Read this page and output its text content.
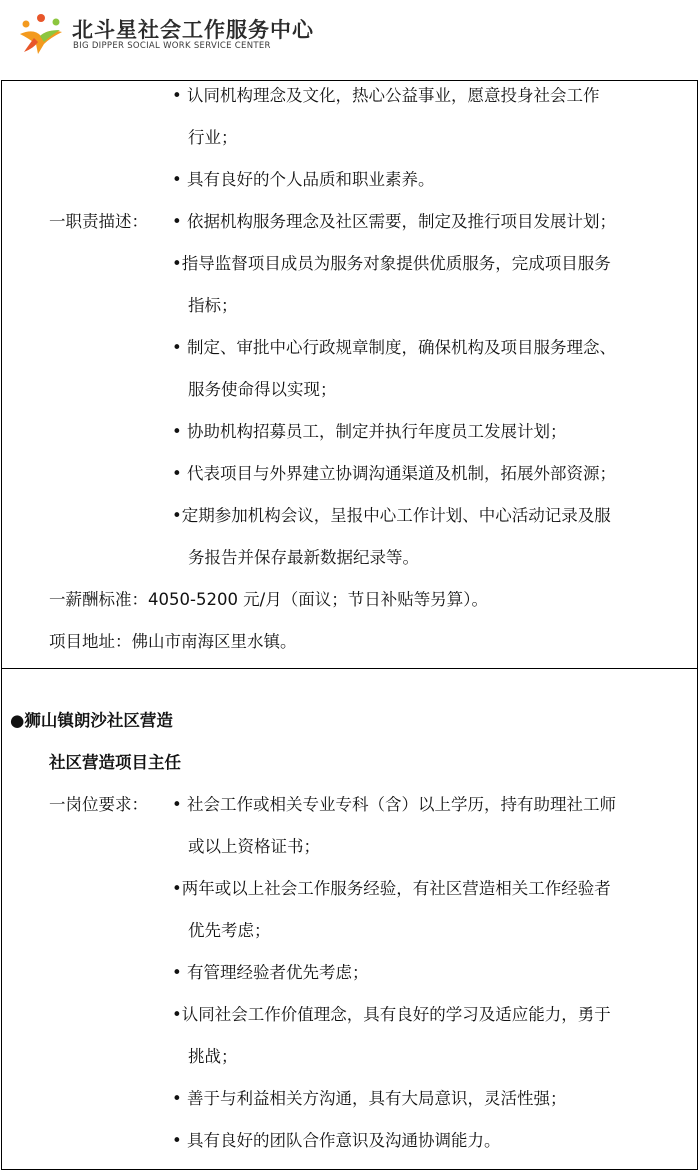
北斗星社会工作服务中心
BIG DIPPER SOCIAL WORK SERVICE CENTER
• 认同机构理念及文化，热心公益事业，愿意投身社会工作
行业；
• 具有良好的个人品质和职业素养。
一职责描述： • 依据机构服务理念及社区需要，制定及推行项目发展计划；
•指导监督项目成员为服务对象提供优质服务，完成项目服务
指标；
• 制定、审批中心行政规章制度，确保机构及项目服务理念、
服务使命得以实现；
• 协助机构招募员工，制定并执行年度员工发展计划；
• 代表项目与外界建立协调沟通渠道及机制，拓展外部资源；
•定期参加机构会议，呈报中心工作计划、中心活动记录及服
务报告并保存最新数据纪录等。
一薪酬标准：4050-5200 元/月（面议；节日补贴等另算）。
项目地址：佛山市南海区里水镇。
●狮山镇朗沙社区营造
社区营造项目主任
一岗位要求： • 社会工作或相关专业专科（含）以上学历，持有助理社工师
或以上资格证书；
•两年或以上社会工作服务经验，有社区营造相关工作经验者
优先考虑；
• 有管理经验者优先考虑；
•认同社会工作价值理念，具有良好的学习及适应能力，勇于
挑战；
• 善于与利益相关方沟通，具有大局意识，灵活性强；
• 具有良好的团队合作意识及沟通协调能力。
